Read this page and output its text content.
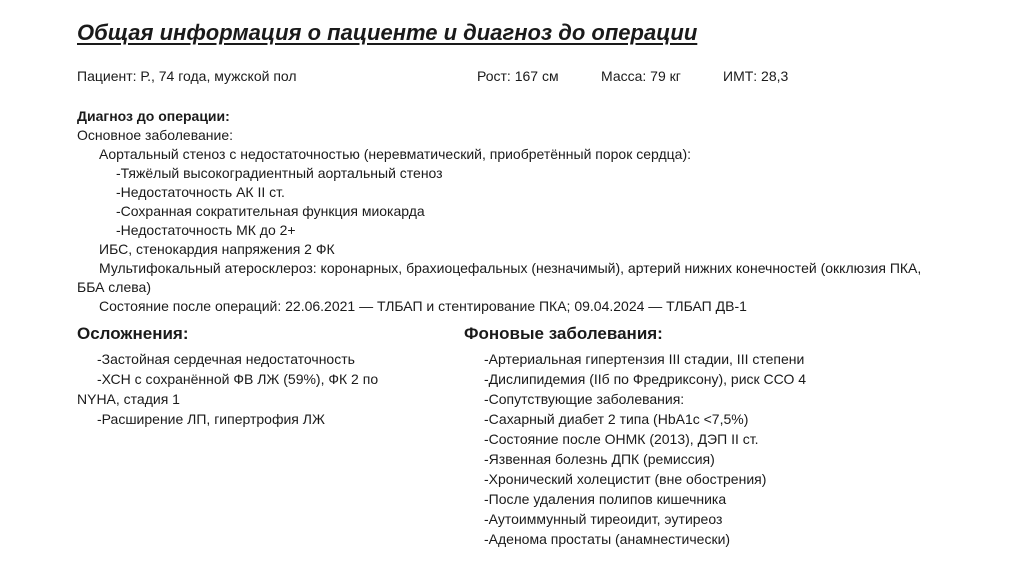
Общая информация о пациенте и диагноз до операции
Пациент: Р., 74 года, мужской пол	Рост: 167 см	Масса: 79 кг	ИМТ: 28,3
Диагноз до операции:
Основное заболевание:
Аортальный стеноз с недостаточностью (неревматический, приобретённый порок сердца):
-Тяжёлый высокоградиентный аортальный стеноз
-Недостаточность АК II ст.
-Сохранная сократительная функция миокарда
-Недостаточность МК до 2+
ИБС, стенокардия напряжения 2 ФК
Мультифокальный атеросклероз: коронарных, брахиоцефальных (незначимый), артерий нижних конечностей (окклюзия ПКА, ББА слева)
Состояние после операций: 22.06.2021 — ТЛБАП и стентирование ПКА; 09.04.2024 — ТЛБАП ДВ-1
Осложнения:
-Застойная сердечная недостаточность
-ХСН с сохранённой ФВ ЛЖ (59%), ФК 2 по NYHA, стадия 1
-Расширение ЛП, гипертрофия ЛЖ
Фоновые заболевания:
-Артериальная гипертензия III стадии, III степени
-Дислипидемия (IIб по Фредриксону), риск ССО 4
-Сопутствующие заболевания:
-Сахарный диабет 2 типа (HbA1c <7,5%)
-Состояние после ОНМК (2013), ДЭП II ст.
-Язвенная болезнь ДПК (ремиссия)
-Хронический холецистит (вне обострения)
-После удаления полипов кишечника
-Аутоиммунный тиреоидит, эутиреоз
-Аденома простаты (анамнестически)
